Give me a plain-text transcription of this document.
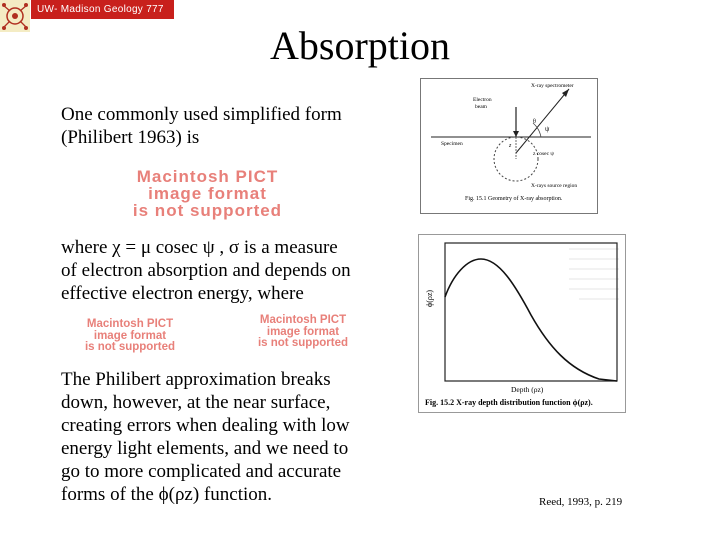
UW- Madison Geology 777
Absorption
One commonly used simplified form
(Philibert 1963) is
Macintosh PICT
image format
is not supported
where χ = μ cosec ψ , σ is a measure
of electron absorption and depends on
effective electron energy, where
Macintosh PICT
image format
is not supported
Macintosh PICT
image format
is not supported
The Philibert approximation breaks
down, however, at the near surface,
creating errors when dealing with low
energy light elements, and we need to
go to more complicated and accurate
forms of the ϕ(ρz) function.
X-ray spectrometer
Electron
beam
Specimen
ψ
θ
z
z cosec ψ
X-rays source region
Fig. 15.1 Geometry of X-ray absorption.
ϕ(ρz)
Depth (ρz)
Fig. 15.2 X-ray depth distribution function ϕ(ρz).
Reed, 1993, p. 219
